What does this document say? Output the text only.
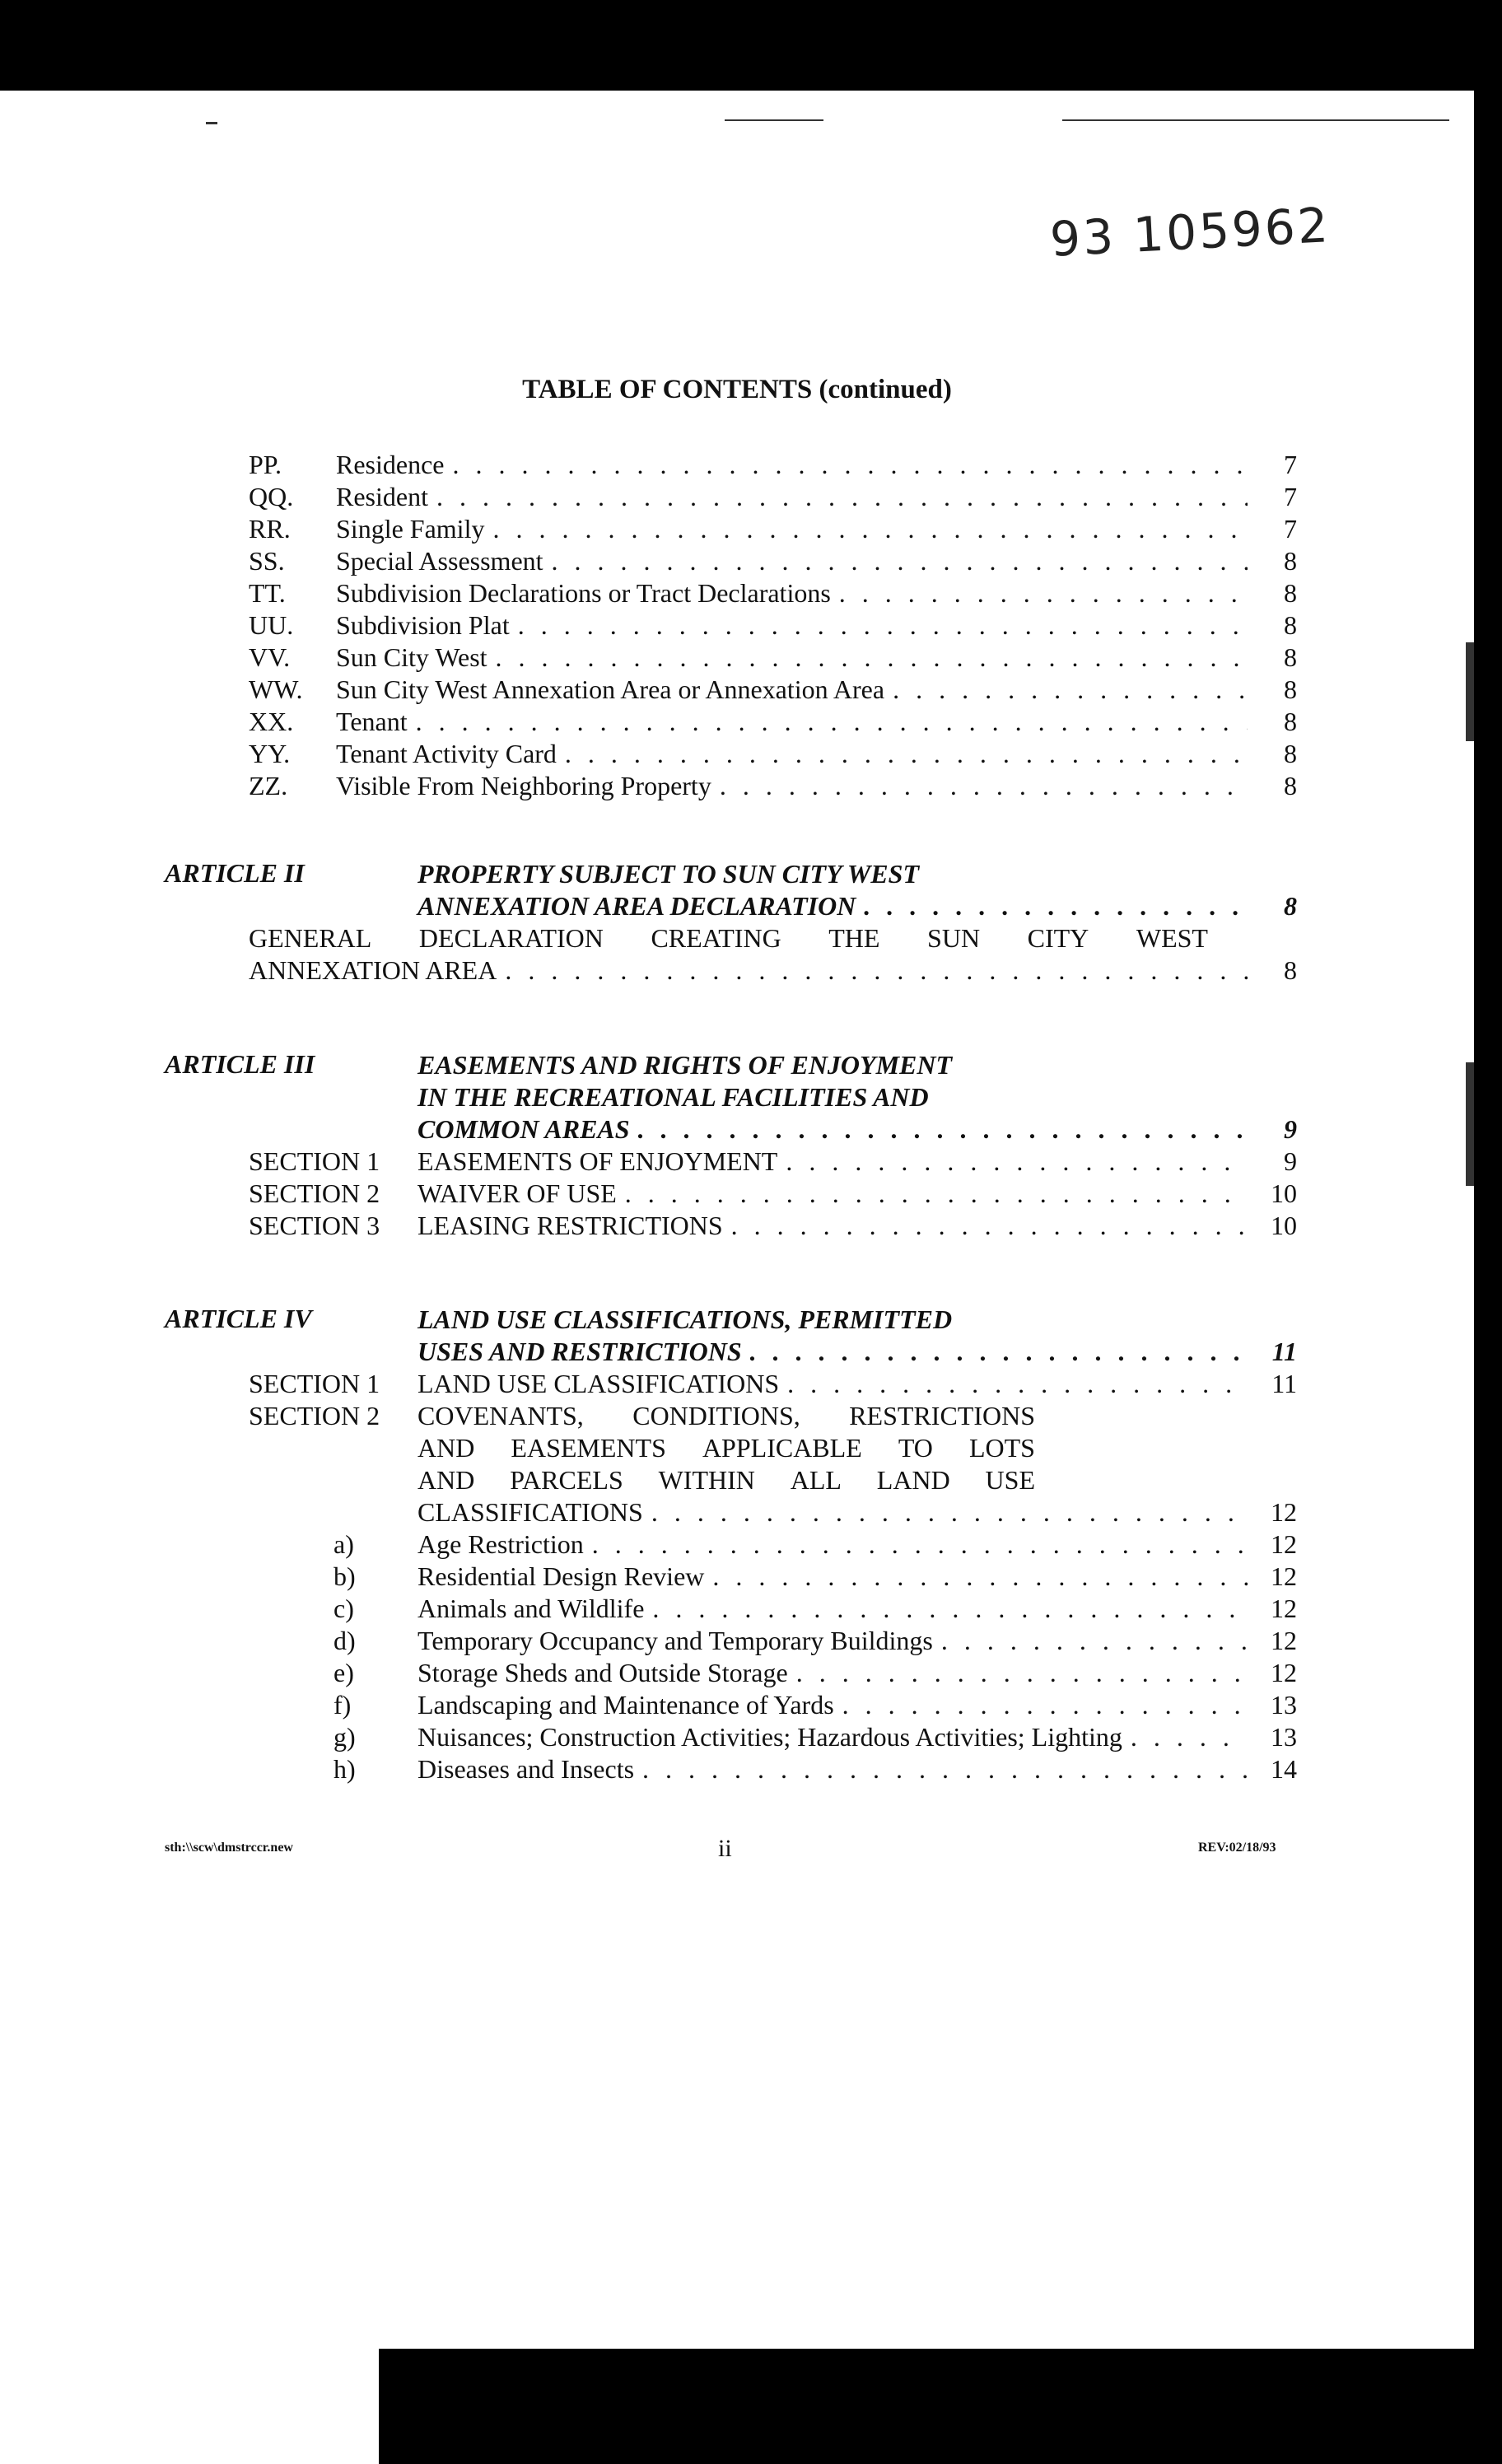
93 105962
TABLE OF CONTENTS (continued)
PP. Residence . . .	7
QQ. Resident . . .	7
RR. Single Family . . .	7
SS. Special Assessment . . .	8
TT. Subdivision Declarations or Tract Declarations . . .	8
UU. Subdivision Plat . . .	8
VV. Sun City West . . .	8
WW. Sun City West Annexation Area or Annexation Area . . .	8
XX. Tenant . . .	8
YY. Tenant Activity Card . . .	8
ZZ. Visible From Neighboring Property . . .	8
ARTICLE II	PROPERTY SUBJECT TO SUN CITY WEST
ANNEXATION AREA DECLARATION . . .	8
GENERAL DECLARATION CREATING THE SUN CITY WEST
ANNEXATION AREA . . .	8
ARTICLE III	EASEMENTS AND RIGHTS OF ENJOYMENT
IN THE RECREATIONAL FACILITIES AND
COMMON AREAS . . .	9
SECTION 1 EASEMENTS OF ENJOYMENT . . .	9
SECTION 2 WAIVER OF USE . . .	10
SECTION 3 LEASING RESTRICTIONS . . .	10
ARTICLE IV	LAND USE CLASSIFICATIONS, PERMITTED
USES AND RESTRICTIONS . . .	11
SECTION 1 LAND USE CLASSIFICATIONS . . .	11
SECTION 2 COVENANTS, CONDITIONS, RESTRICTIONS
AND EASEMENTS APPLICABLE TO LOTS
AND PARCELS WITHIN ALL LAND USE
CLASSIFICATIONS . . .	12
a) Age Restriction . . .	12
b) Residential Design Review . . .	12
c) Animals and Wildlife . . .	12
d) Temporary Occupancy and Temporary Buildings . . .	12
e) Storage Sheds and Outside Storage . . .	12
f)	Landscaping and Maintenance of Yards . . .	13
g) Nuisances; Construction Activities; Hazardous Activities; Lighting . . .	13
h) Diseases and Insects . . .	14
sth:\\scw\dmstrccr.new	ii	REV:02/18/93
